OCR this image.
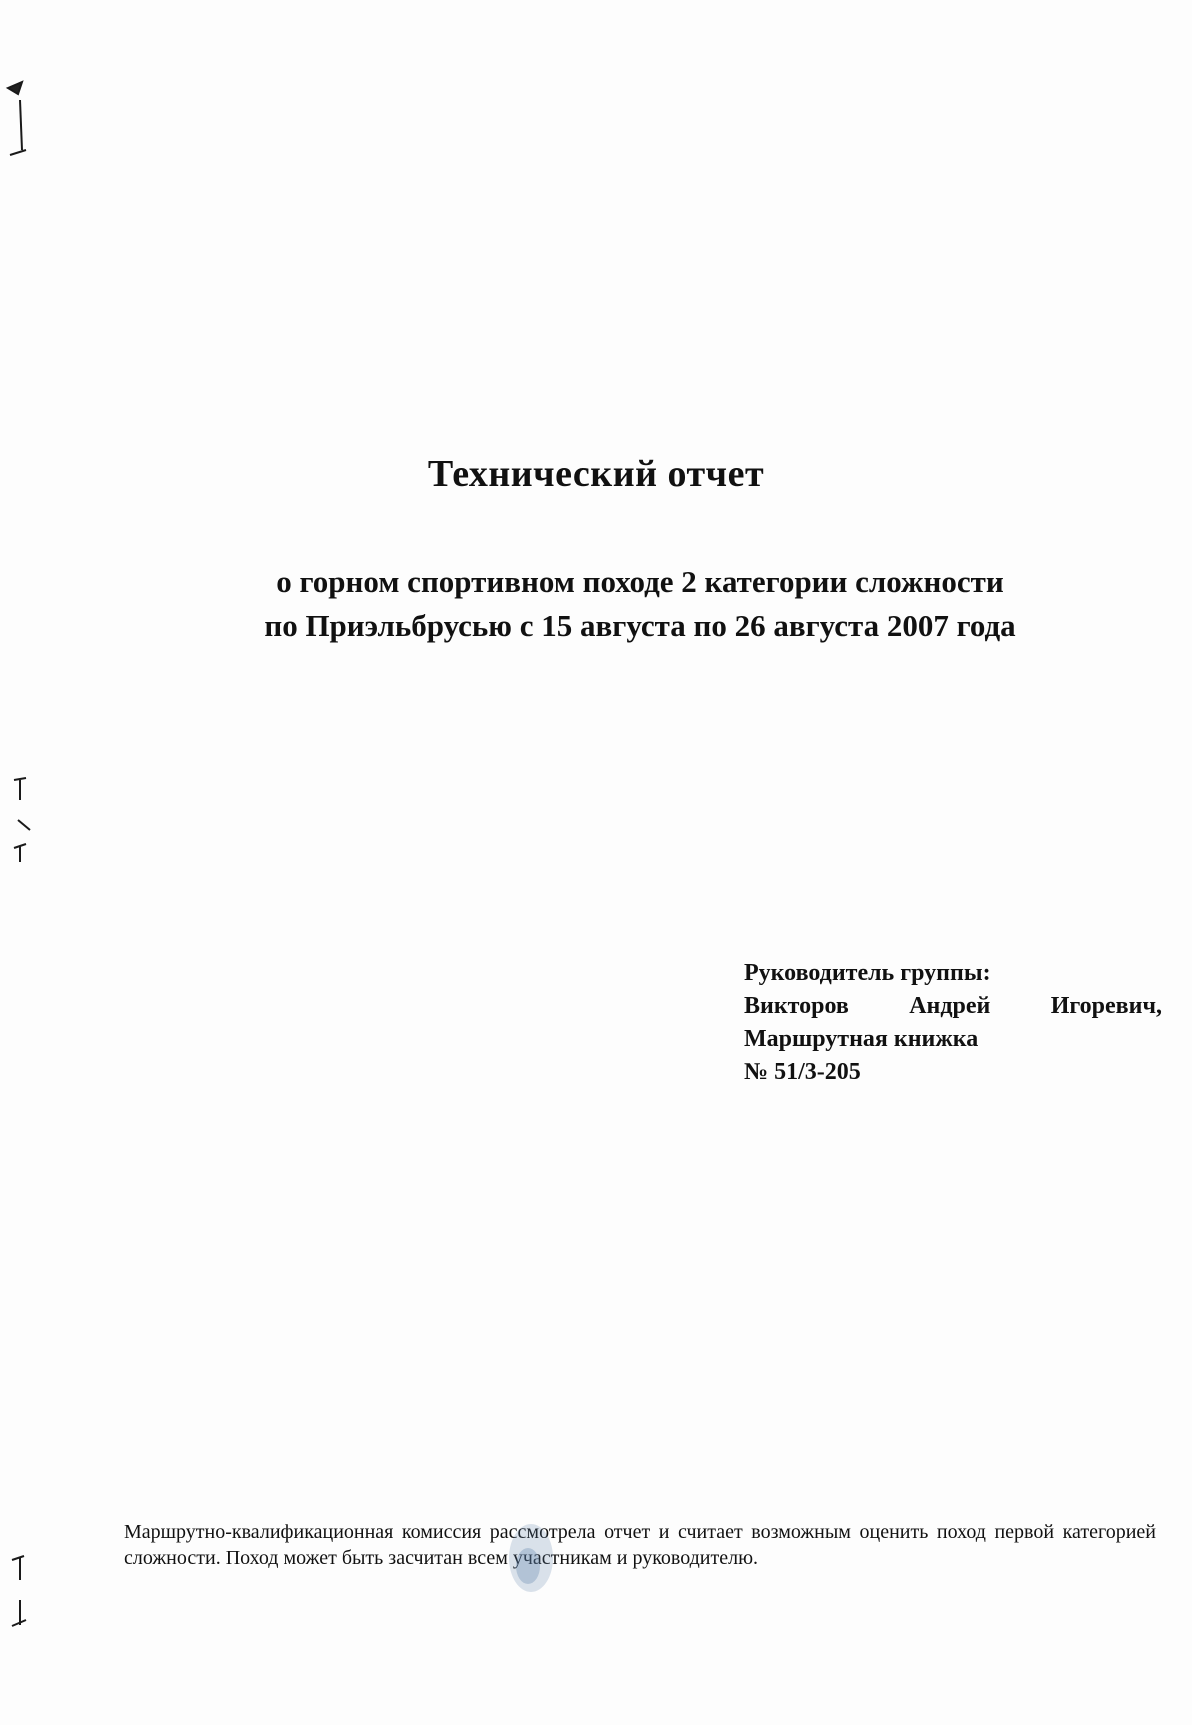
Технический отчет
о горном спортивном походе 2 категории сложности
по Приэльбрусью с 15 августа по 26 августа 2007 года
Руководитель группы:
Викторов	Андрей	Игоревич,
Маршрутная книжка
№ 51/3-205
Маршрутно-квалификационная комиссия рассмотрела отчет и считает возможным оценить поход первой категорией сложности. Поход может быть засчитан всем участникам и руководителю.
